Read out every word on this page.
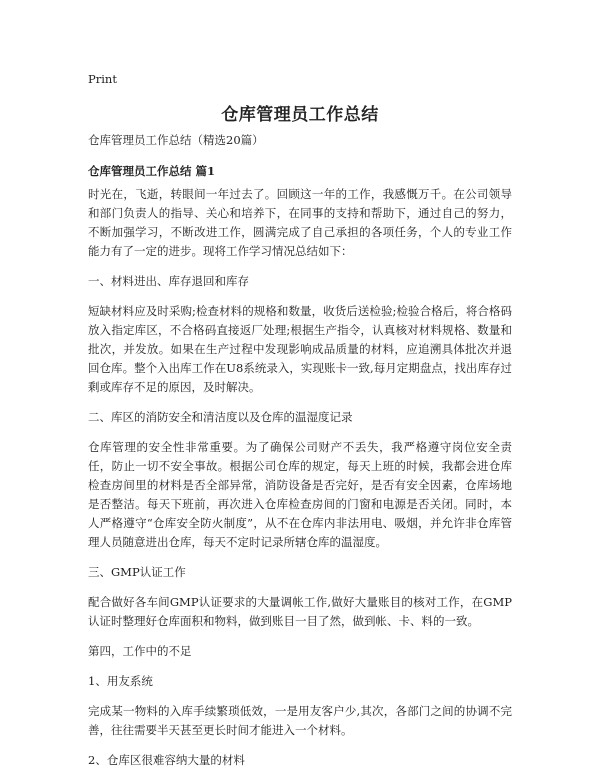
Print
仓库管理员工作总结

仓库管理员工作总结（精选20篇）

仓库管理员工作总结 篇1

时光在，飞逝，转眼间一年过去了。回顾这一年的工作，我感慨万千。在公司领导和部门负责人的指导、关心和培养下，在同事的支持和帮助下，通过自己的努力，不断加强学习，不断改进工作，圆满完成了自己承担的各项任务，个人的专业工作能力有了一定的进步。现将工作学习情况总结如下：

一、材料进出、库存退回和库存

短缺材料应及时采购;检查材料的规格和数量，收货后送检验;检验合格后，将合格码放入指定库区，不合格码直接返厂处理;根据生产指令，认真核对材料规格、数量和批次，并发放。如果在生产过程中发现影响成品质量的材料，应追溯具体批次并退回仓库。整个入出库工作在U8系统录入，实现账卡一致,每月定期盘点，找出库存过剩或库存不足的原因，及时解决。

二、库区的消防安全和清洁度以及仓库的温湿度记录

仓库管理的安全性非常重要。为了确保公司财产不丢失，我严格遵守岗位安全责任，防止一切不安全事故。根据公司仓库的规定，每天上班的时候，我都会进仓库检查房间里的材料是否全部异常，消防设备是否完好，是否有安全因素，仓库场地是否整洁。每天下班前，再次进入仓库检查房间的门窗和电源是否关闭。同时，本人严格遵守“仓库安全防火制度”，从不在仓库内非法用电、吸烟，并允许非仓库管理人员随意进出仓库，每天不定时记录所辖仓库的温湿度。

三、GMP认证工作

配合做好各车间GMP认证要求的大量调帐工作,做好大量账目的核对工作，在GMP认证时整理好仓库面积和物料，做到账目一目了然，做到帐、卡、料的一致。

第四，工作中的不足

1、用友系统

完成某一物料的入库手续繁琐低效，一是用友客户少,其次，各部门之间的协调不完善，往往需要半天甚至更长时间才能进入一个材料。

2、仓库区很难容纳大量的材料
